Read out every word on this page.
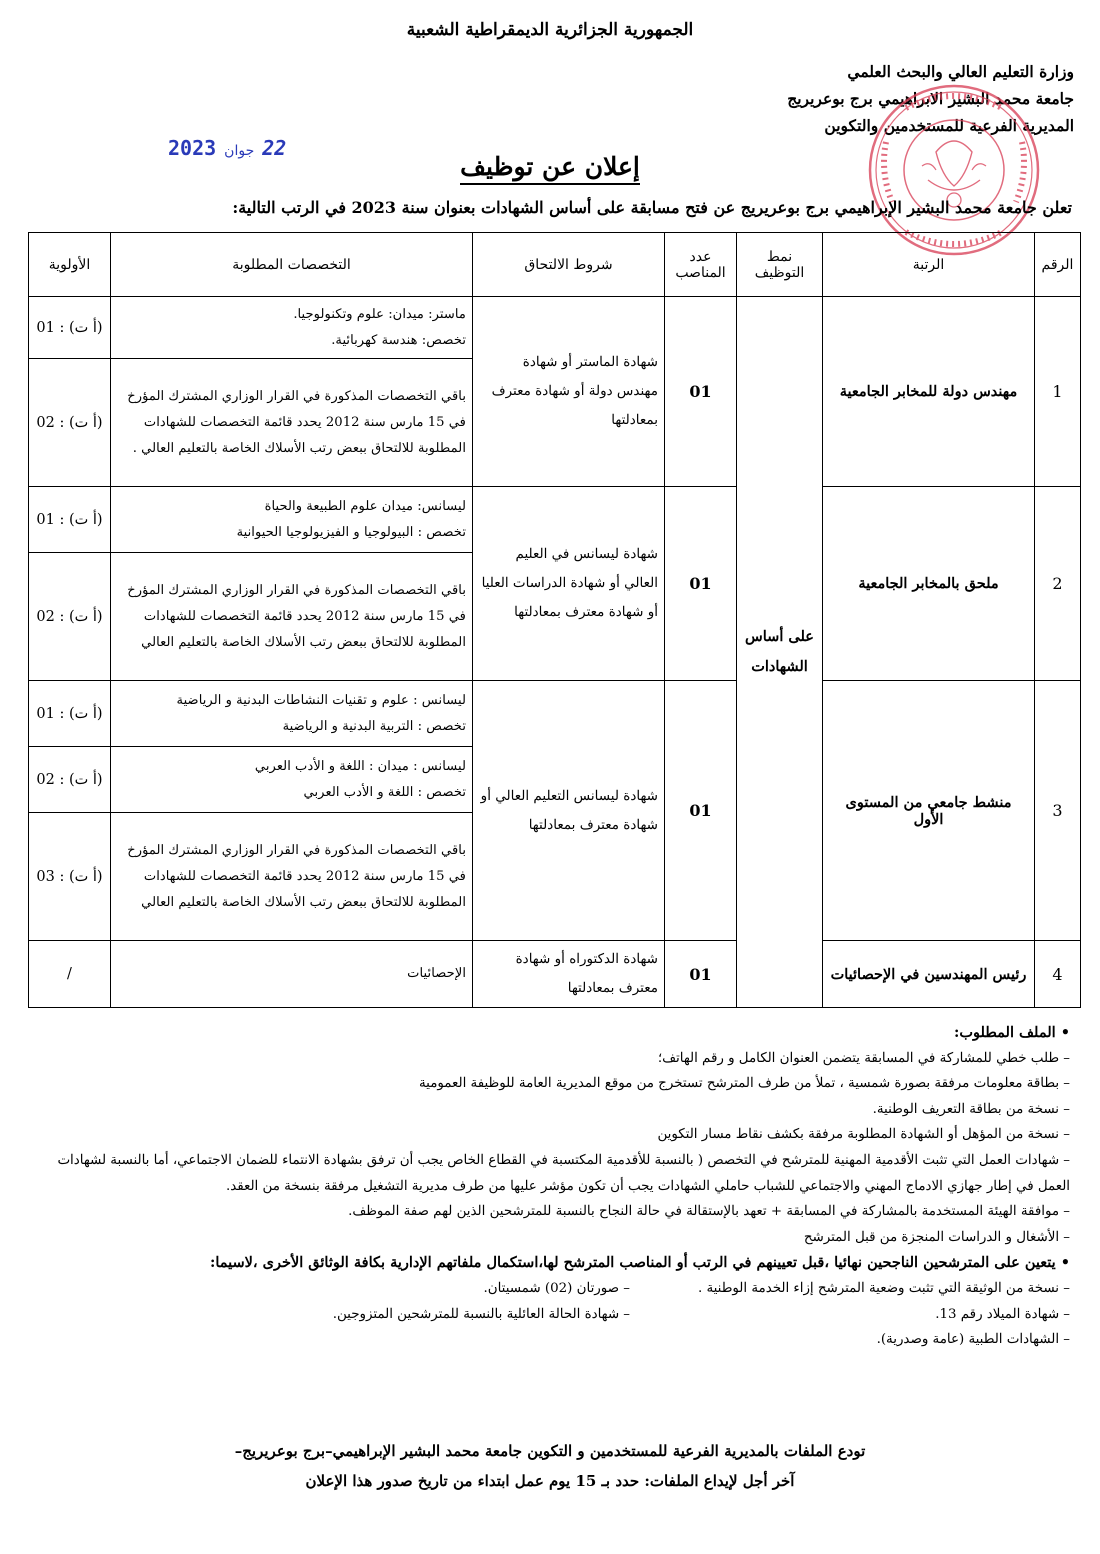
الجمهورية الجزائرية الديمقراطية الشعبية
وزارة التعليم العالي والبحث العلمي
جامعة محمد البشير الابراهيمي برج بوعريريج
المديرية الفرعية للمستخدمين والتكوين
2023 جوان 22
إعلان عن توظيف
تعلن جامعة محمد البشير الإبراهيمي برج بوعريريج عن فتح مسابقة على أساس الشهادات بعنوان سنة 2023 في الرتب التالية:
الرقم	الرتبة	نمط التوظيف	عدد المناصب	شروط الالتحاق	التخصصات المطلوبة	الأولوية
1	مهندس دولة للمخابر الجامعية	على أساس الشهادات	01	شهادة الماستر أو شهادة مهندس دولة أو شهادة معترف بمعادلتها	ماستر: ميدان: علوم وتكنولوجيا.
تخصص: هندسة كهربائية.	(أ ت) : 01

					باقي التخصصات المذكورة في القرار الوزاري المشترك المؤرخ في 15 مارس سنة 2012 يحدد قائمة التخصصات للشهادات المطلوبة للالتحاق ببعض رتب الأسلاك الخاصة بالتعليم العالي .	(أ ت) : 02
2	ملحق بالمخابر الجامعية		01	شهادة ليسانس في العليم العالي أو شهادة الدراسات العليا أو شهادة معترف بمعادلتها	ليسانس: ميدان علوم الطبيعة والحياة
تخصص : البيولوجيا و الفيزيولوجيا الحيوانية	(أ ت) : 01

					باقي التخصصات المذكورة في القرار الوزاري المشترك المؤرخ في 15 مارس سنة 2012 يحدد قائمة التخصصات للشهادات المطلوبة للالتحاق ببعض رتب الأسلاك الخاصة بالتعليم العالي	(أ ت) : 02
3	منشط جامعي من المستوى الأول		01	شهادة ليسانس التعليم العالي أو شهادة معترف بمعادلتها	ليسانس : علوم و تقنيات النشاطات البدنية و الرياضية
تخصص : التربية البدنية و الرياضية	(أ ت) : 01

					ليسانس : ميدان : اللغة و الأدب العربي
تخصص : اللغة و الأدب العربي	(أ ت) : 02

					باقي التخصصات المذكورة في القرار الوزاري المشترك المؤرخ في 15 مارس سنة 2012 يحدد قائمة التخصصات للشهادات المطلوبة للالتحاق ببعض رتب الأسلاك الخاصة بالتعليم العالي	(أ ت) : 03
4	رئيس المهندسين في الإحصائيات		01	شهادة الدكتوراه أو شهادة معترف بمعادلتها	الإحصائيات	/
• الملف المطلوب:
– طلب خطي للمشاركة في المسابقة يتضمن العنوان الكامل و رقم الهاتف؛
– بطاقة معلومات مرفقة بصورة شمسية ، تملأ من طرف المترشح تستخرج من موقع المديرية العامة للوظيفة العمومية
– نسخة من بطاقة التعريف الوطنية.
– نسخة من المؤهل أو الشهادة المطلوبة مرفقة بكشف نقاط مسار التكوين
– شهادات العمل التي تثبت الأقدمية المهنية للمترشح في التخصص ( بالنسبة للأقدمية المكتسبة في القطاع الخاص يجب أن ترفق بشهادة الانتماء للضمان الاجتماعي، أما بالنسبة لشهادات العمل في إطار جهازي الادماج المهني والاجتماعي للشباب حاملي الشهادات يجب أن تكون مؤشر عليها من طرف مديرية التشغيل مرفقة بنسخة من العقد.
– موافقة الهيئة المستخدمة بالمشاركة في المسابقة + تعهد بالإستقالة في حالة النجاح بالنسبة للمترشحين الذين لهم صفة الموظف.
– الأشغال و الدراسات المنجزة من قبل المترشح
• يتعين على المترشحين الناجحين نهائيا ،قبل تعيينهم في الرتب أو المناصب المترشح لها،استكمال ملفاتهم الإدارية بكافة الوثائق الأخرى ،لاسيما:
– نسخة من الوثيقة التي تثبت وضعية المترشح إزاء الخدمة الوطنية .
– صورتان (02) شمسيتان.
– شهادة الميلاد رقم 13.
– شهادة الحالة العائلية بالنسبة للمترشحين المتزوجين.
– الشهادات الطبية (عامة وصدرية).
تودع الملفات بالمديرية الفرعية للمستخدمين و التكوين جامعة محمد البشير الإبراهيمي–برج بوعريريج–
آخر أجل لإيداع الملفات: حدد بـ 15 يوم عمل ابتداء من تاريخ صدور هذا الإعلان
